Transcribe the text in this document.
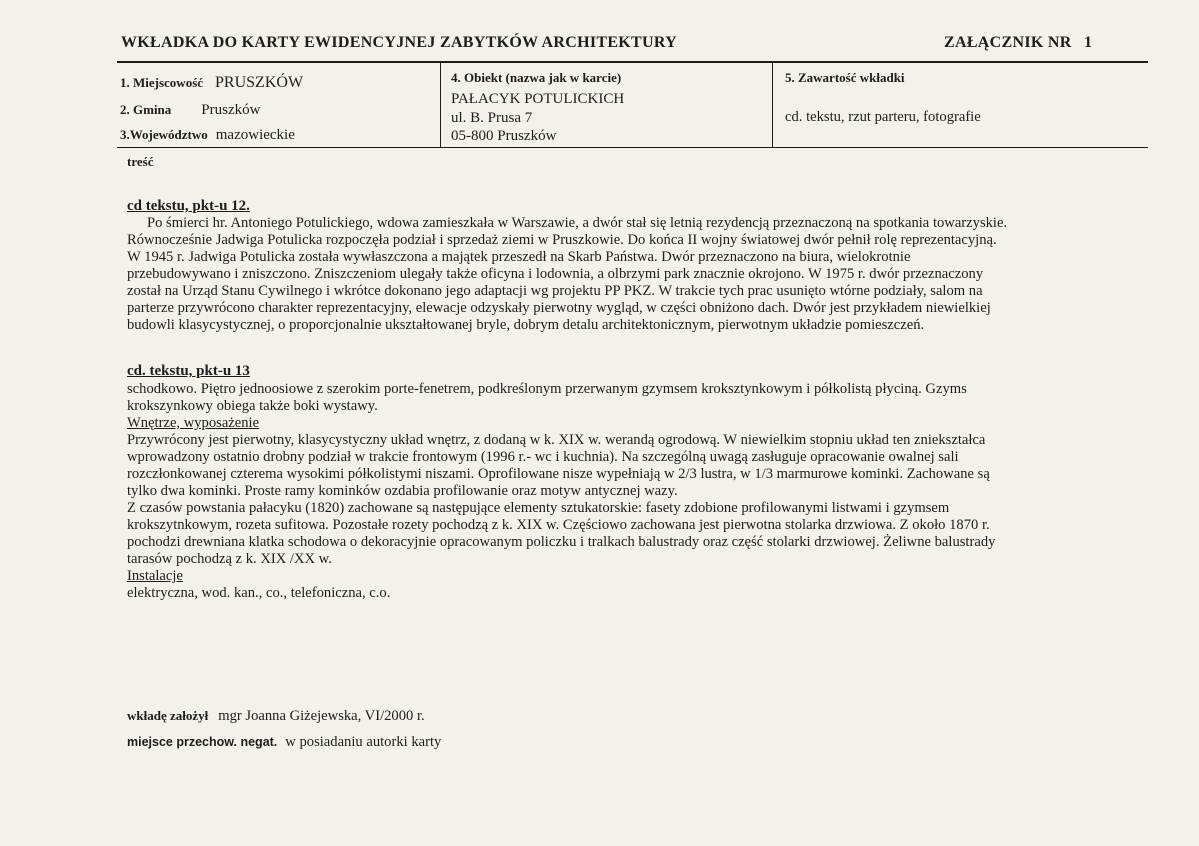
WKŁADKA DO KARTY EWIDENCYJNEJ ZABYTKÓW ARCHITEKTURY	ZAŁĄCZNIK NR 1
1. Miejscowość PRUSZKÓW
2. Gmina Pruszków
3.Województwo mazowieckie
4. Obiekt (nazwa jak w karcie)
PAŁACYK POTULICKICH
ul. B. Prusa 7
05-800 Pruszków
5. Zawartość wkładki
cd. tekstu, rzut parteru, fotografie
treść
cd tekstu, pkt-u 12.
Po śmierci hr. Antoniego Potulickiego, wdowa zamieszkała w Warszawie, a dwór stał się letnią rezydencją przeznaczoną na spotkania towarzyskie.
Równocześnie Jadwiga Potulicka rozpoczęła podział i sprzedaż ziemi w Pruszkowie. Do końca II wojny światowej dwór pełnił rolę reprezentacyjną.
W 1945 r. Jadwiga Potulicka została wywłaszczona a majątek przeszedł na Skarb Państwa. Dwór przeznaczono na biura, wielokrotnie
przebudowywano i zniszczono. Zniszczeniom ulegały także oficyna i lodownia, a olbrzymi park znacznie okrojono. W 1975 r. dwór przeznaczony
został na Urząd Stanu Cywilnego i wkrótce dokonano jego adaptacji wg projektu PP PKZ. W trakcie tych prac usunięto wtórne podziały, salom na
parterze przywrócono charakter reprezentacyjny, elewacje odzyskały pierwotny wygląd, w części obniżono dach. Dwór jest przykładem niewielkiej
budowli klasycystycznej, o proporcjonalnie ukształtowanej bryle, dobrym detalu architektonicznym, pierwotnym układzie pomieszczeń.
cd. tekstu, pkt-u 13
schodkowo. Piętro jednoosiowe z szerokim porte-fenetrem, podkreślonym przerwanym gzymsem kroksztynkowym i półkolistą płyciną. Gzyms
krokszynkowy obiega także boki wystawy.
Wnętrze, wyposażenie
Przywrócony jest pierwotny, klasycystyczny układ wnętrz, z dodaną w k. XIX w. werandą ogrodową. W niewielkim stopniu układ ten zniekształca
wprowadzony ostatnio drobny podział w trakcie frontowym (1996 r.- wc i kuchnia). Na szczególną uwagą zasługuje opracowanie owalnej sali
rozczłonkowanej czterema wysokimi półkolistymi niszami. Oprofilowane nisze wypełniają w 2/3 lustra, w 1/3 marmurowe kominki. Zachowane są
tylko dwa kominki. Proste ramy kominków ozdabia profilowanie oraz motyw antycznej wazy.
Z czasów powstania pałacyku (1820) zachowane są następujące elementy sztukatorskie: fasety zdobione profilowanymi listwami i gzymsem
krokszytnkowym, rozeta sufitowa. Pozostałe rozety pochodzą z k. XIX w. Częściowo zachowana jest pierwotna stolarka drzwiowa. Z około 1870 r.
pochodzi drewniana klatka schodowa o dekoracyjnie opracowanym policzku i tralkach balustrady oraz część stolarki drzwiowej. Żeliwne balustrady
tarasów pochodzą z k. XIX /XX w.
Instalacje
elektryczna, wod. kan., co., telefoniczna, c.o.
wkładę założył mgr Joanna Giżejewska, VI/2000 r.
miejsce przechow. negat. w posiadaniu autorki karty
